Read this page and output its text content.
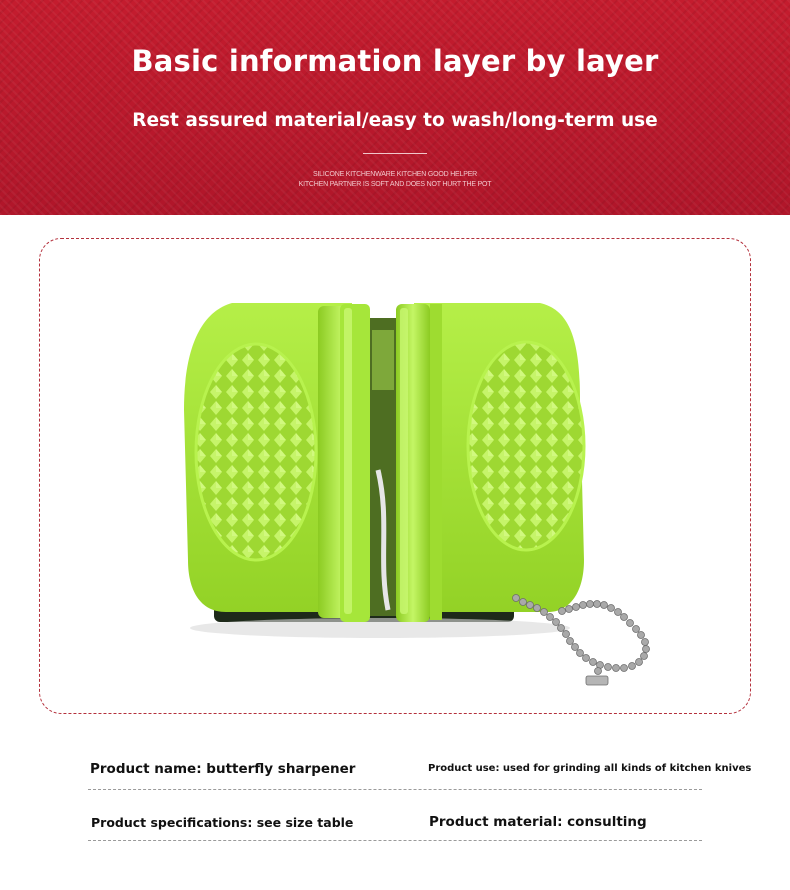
Basic information layer by layer
Rest assured material/easy to wash/long-term use
SILICONE KITCHENWARE KITCHEN GOOD HELPER
KITCHEN PARTNER IS SOFT AND DOES NOT HURT THE POT
Product name: butterfly sharpener	Product use: used for grinding all kinds of kitchen knives
Product specifications: see size table	Product material: consulting
